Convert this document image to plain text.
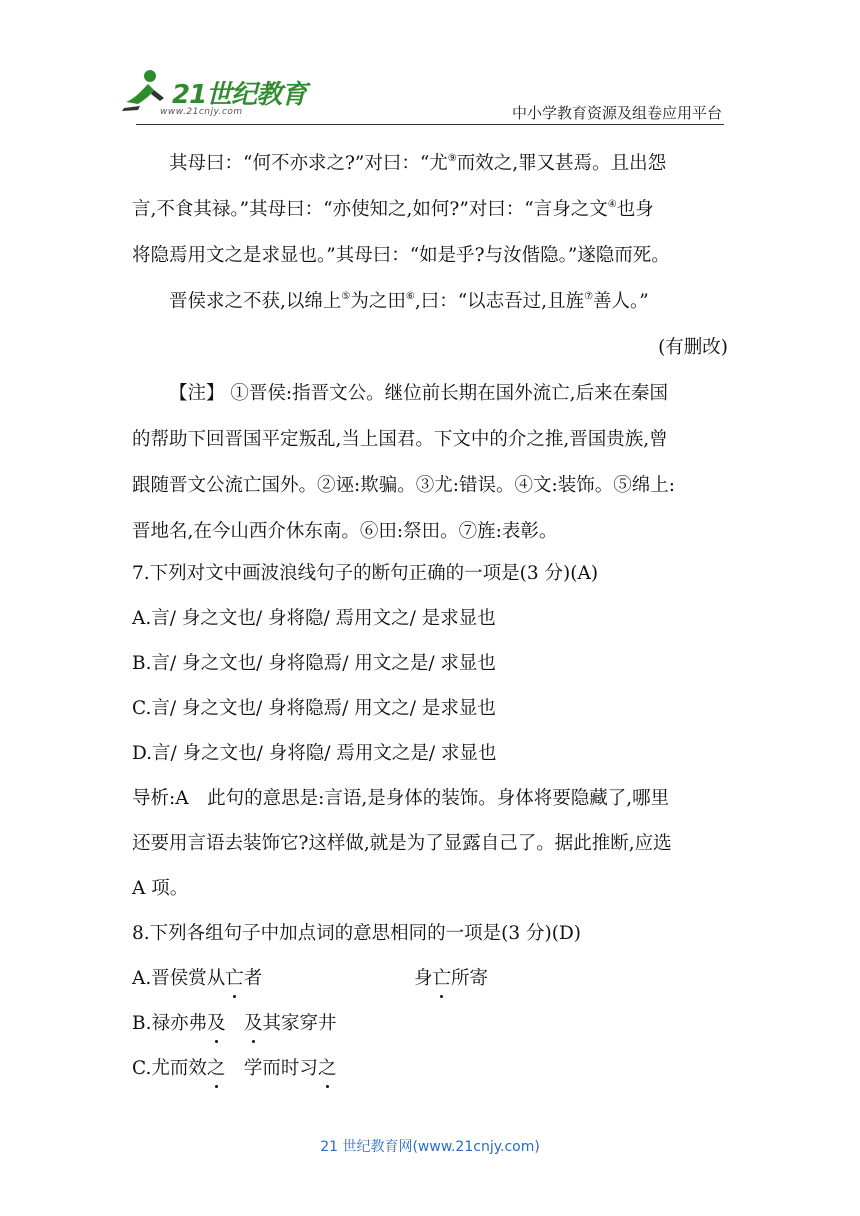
21世纪教育
www.21cnjy.com	中小学教育资源及组卷应用平台
其母曰：“何不亦求之?”对曰：“尤⑨而效之,罪又甚焉。且出怨
言,不食其禄。”其母曰：“亦使知之,如何?”对曰：“言身之文④也身
将隐焉用文之是求显也。”其母曰：“如是乎?与汝偕隐。”遂隐而死。
晋侯求之不获,以绵上⑤为之田⑥,曰：“以志吾过,且旌⑦善人。”
(有删改)
【注】 ①晋侯:指晋文公。继位前长期在国外流亡,后来在秦国
的帮助下回晋国平定叛乱,当上国君。下文中的介之推,晋国贵族,曾
跟随晋文公流亡国外。②诬:欺骗。③尤:错误。④文:装饰。⑤绵上:
晋地名,在今山西介休东南。⑥田:祭田。⑦旌:表彰。
7.下列对文中画波浪线句子的断句正确的一项是(3 分)(A)
A.言/ 身之文也/ 身将隐/ 焉用文之/ 是求显也
B.言/ 身之文也/ 身将隐焉/ 用文之是/ 求显也
C.言/ 身之文也/ 身将隐焉/ 用文之/ 是求显也
D.言/ 身之文也/ 身将隐/ 焉用文之是/ 求显也
导析:A　此句的意思是:言语,是身体的装饰。身体将要隐藏了,哪里
还要用言语去装饰它?这样做,就是为了显露自己了。据此推断,应选
A 项。
8.下列各组句子中加点词的意思相同的一项是(3 分)(D)
A.晋侯赏从亡者	身亡所寄
B.禄亦弗及　 及其家穿井
C.尤而效之　 学而时习之
21 世纪教育网(www.21cnjy.com)
